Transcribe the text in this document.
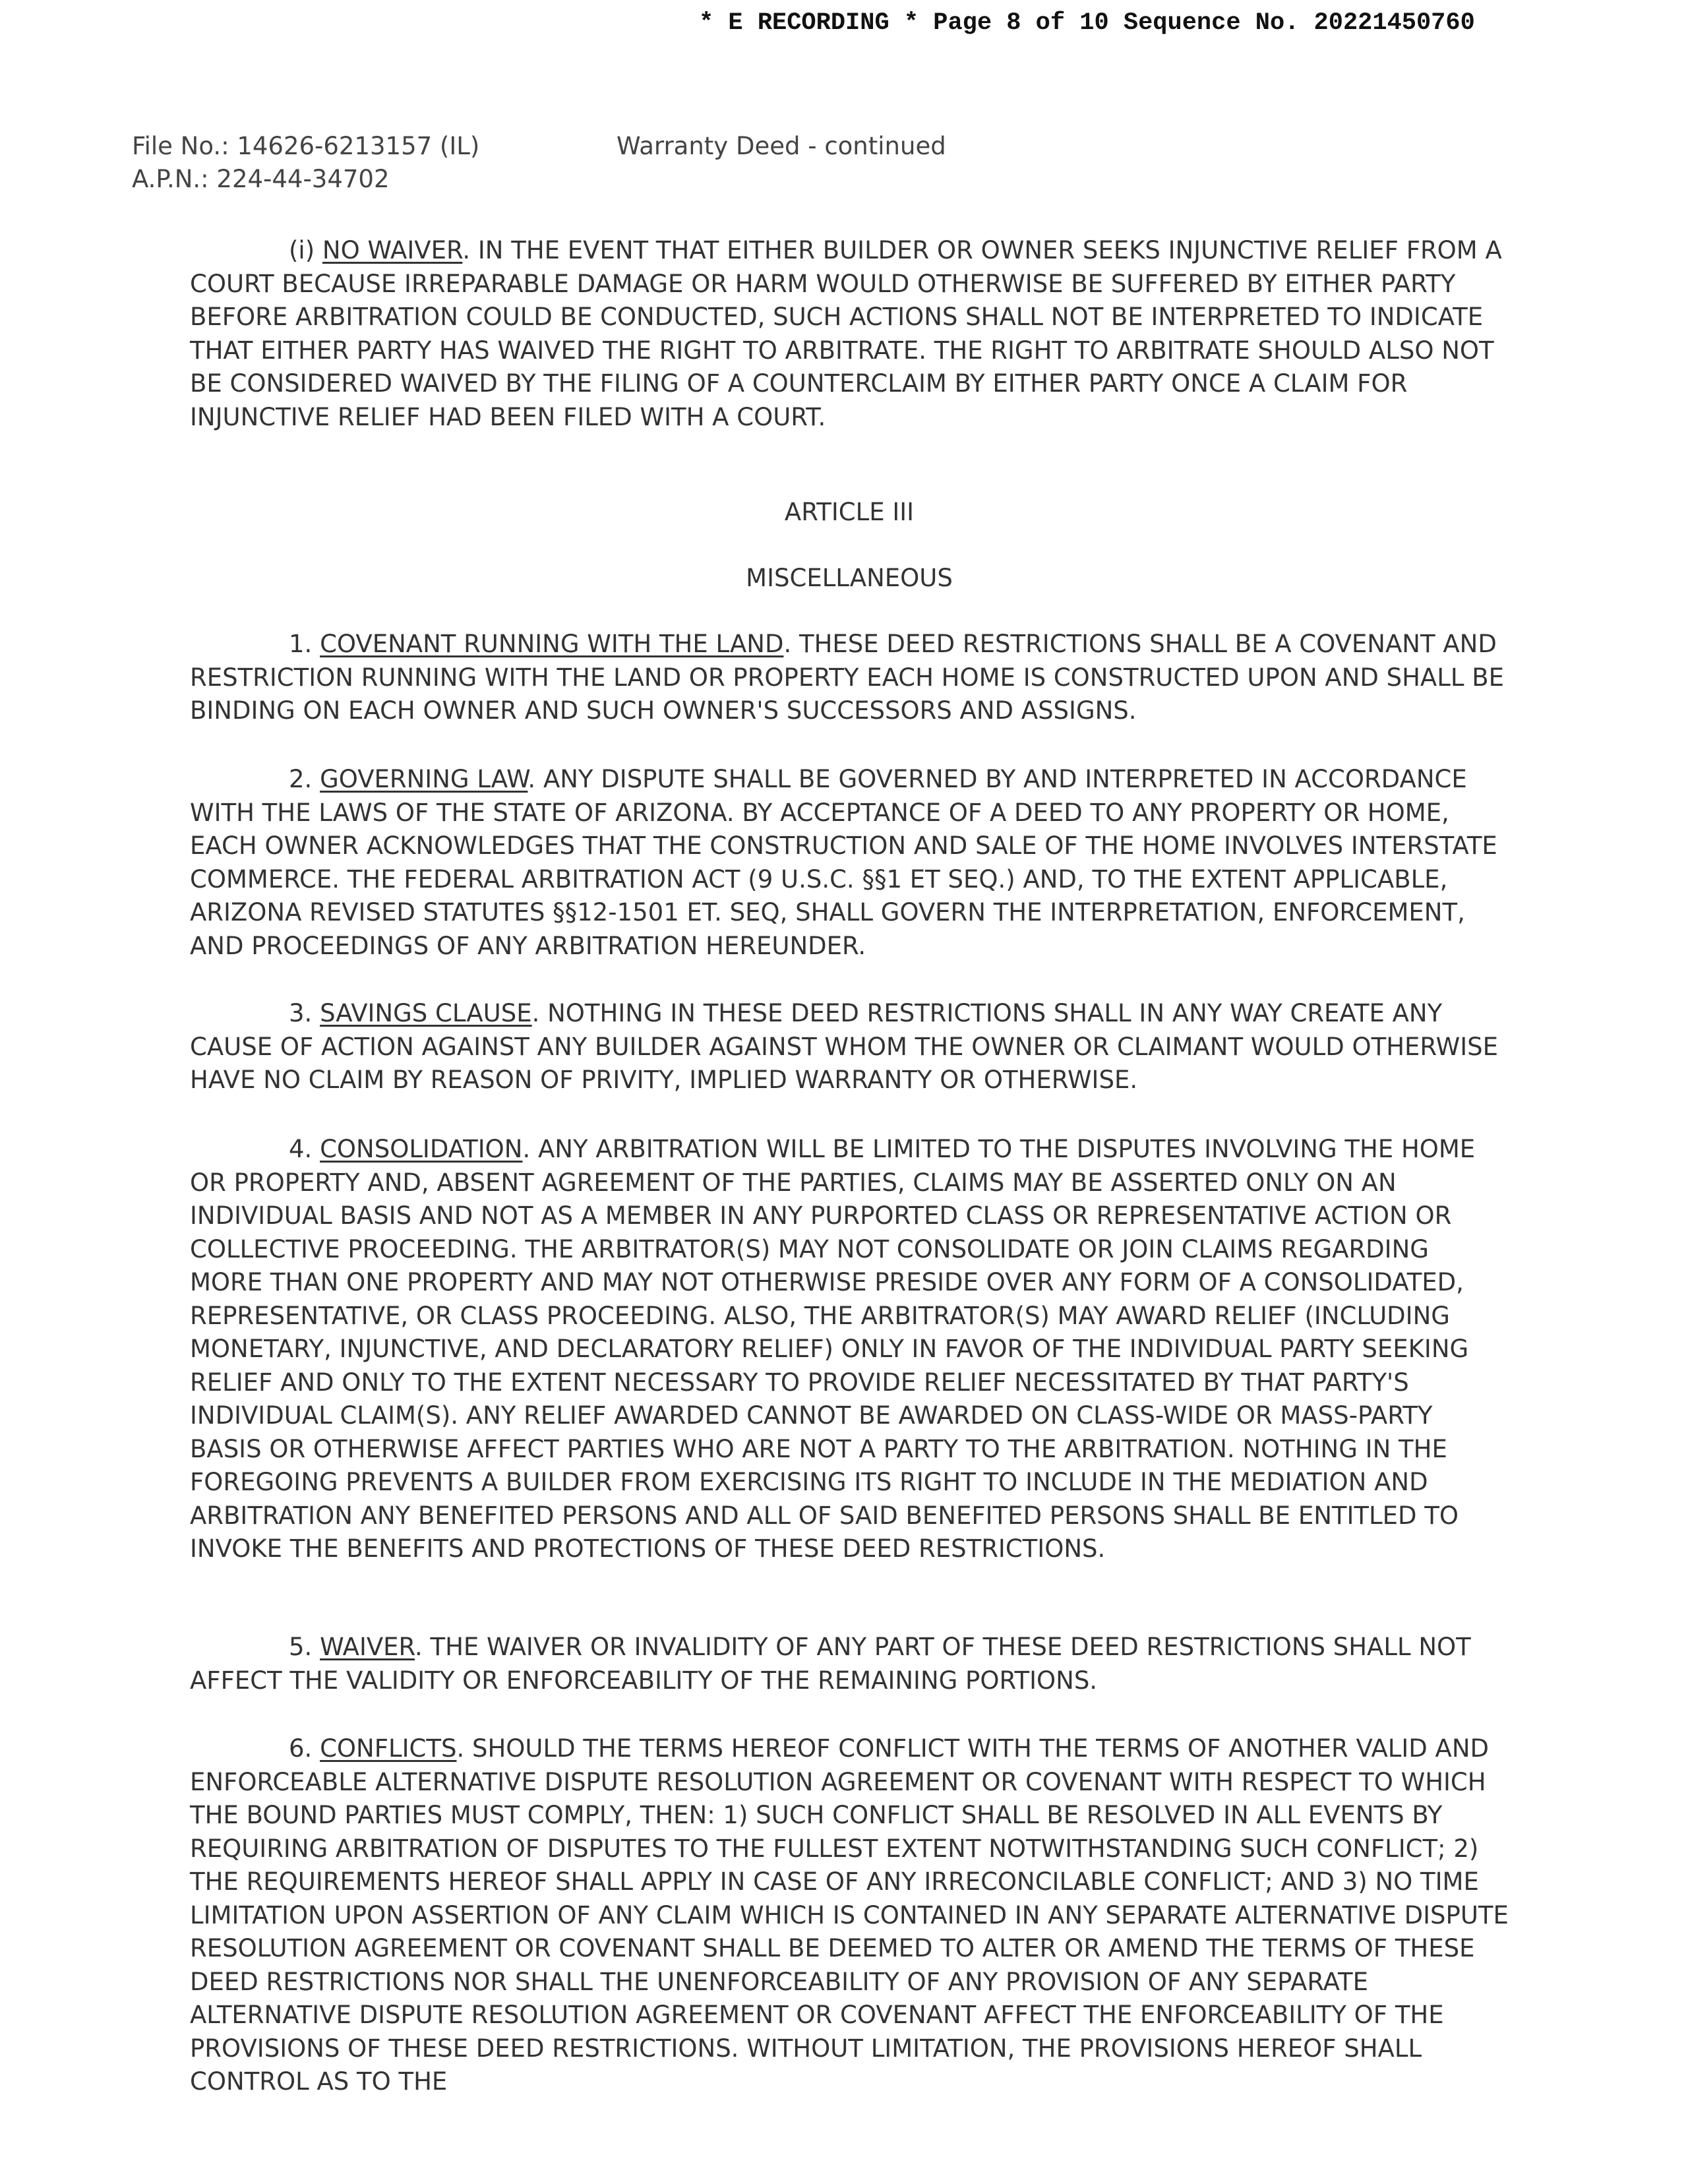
* E RECORDING * Page 8 of 10 Sequence No. 20221450760
File No.: 14626-6213157 (IL)
A.P.N.: 224-44-34702
Warranty Deed - continued

(i) NO WAIVER. IN THE EVENT THAT EITHER BUILDER OR OWNER SEEKS INJUNCTIVE RELIEF FROM A COURT BECAUSE IRREPARABLE DAMAGE OR HARM WOULD OTHERWISE BE SUFFERED BY EITHER PARTY BEFORE ARBITRATION COULD BE CONDUCTED, SUCH ACTIONS SHALL NOT BE INTERPRETED TO INDICATE THAT EITHER PARTY HAS WAIVED THE RIGHT TO ARBITRATE. THE RIGHT TO ARBITRATE SHOULD ALSO NOT BE CONSIDERED WAIVED BY THE FILING OF A COUNTERCLAIM BY EITHER PARTY ONCE A CLAIM FOR INJUNCTIVE RELIEF HAD BEEN FILED WITH A COURT.

ARTICLE III

MISCELLANEOUS

1. COVENANT RUNNING WITH THE LAND. THESE DEED RESTRICTIONS SHALL BE A COVENANT AND RESTRICTION RUNNING WITH THE LAND OR PROPERTY EACH HOME IS CONSTRUCTED UPON AND SHALL BE BINDING ON EACH OWNER AND SUCH OWNER'S SUCCESSORS AND ASSIGNS.

2. GOVERNING LAW. ANY DISPUTE SHALL BE GOVERNED BY AND INTERPRETED IN ACCORDANCE WITH THE LAWS OF THE STATE OF ARIZONA. BY ACCEPTANCE OF A DEED TO ANY PROPERTY OR HOME, EACH OWNER ACKNOWLEDGES THAT THE CONSTRUCTION AND SALE OF THE HOME INVOLVES INTERSTATE COMMERCE. THE FEDERAL ARBITRATION ACT (9 U.S.C. §§1 ET SEQ.) AND, TO THE EXTENT APPLICABLE, ARIZONA REVISED STATUTES §§12-1501 ET. SEQ, SHALL GOVERN THE INTERPRETATION, ENFORCEMENT, AND PROCEEDINGS OF ANY ARBITRATION HEREUNDER.

3. SAVINGS CLAUSE. NOTHING IN THESE DEED RESTRICTIONS SHALL IN ANY WAY CREATE ANY CAUSE OF ACTION AGAINST ANY BUILDER AGAINST WHOM THE OWNER OR CLAIMANT WOULD OTHERWISE HAVE NO CLAIM BY REASON OF PRIVITY, IMPLIED WARRANTY OR OTHERWISE.

4. CONSOLIDATION. ANY ARBITRATION WILL BE LIMITED TO THE DISPUTES INVOLVING THE HOME OR PROPERTY AND, ABSENT AGREEMENT OF THE PARTIES, CLAIMS MAY BE ASSERTED ONLY ON AN INDIVIDUAL BASIS AND NOT AS A MEMBER IN ANY PURPORTED CLASS OR REPRESENTATIVE ACTION OR COLLECTIVE PROCEEDING. THE ARBITRATOR(S) MAY NOT CONSOLIDATE OR JOIN CLAIMS REGARDING MORE THAN ONE PROPERTY AND MAY NOT OTHERWISE PRESIDE OVER ANY FORM OF A CONSOLIDATED, REPRESENTATIVE, OR CLASS PROCEEDING. ALSO, THE ARBITRATOR(S) MAY AWARD RELIEF (INCLUDING MONETARY, INJUNCTIVE, AND DECLARATORY RELIEF) ONLY IN FAVOR OF THE INDIVIDUAL PARTY SEEKING RELIEF AND ONLY TO THE EXTENT NECESSARY TO PROVIDE RELIEF NECESSITATED BY THAT PARTY'S INDIVIDUAL CLAIM(S). ANY RELIEF AWARDED CANNOT BE AWARDED ON CLASS-WIDE OR MASS-PARTY BASIS OR OTHERWISE AFFECT PARTIES WHO ARE NOT A PARTY TO THE ARBITRATION. NOTHING IN THE FOREGOING PREVENTS A BUILDER FROM EXERCISING ITS RIGHT TO INCLUDE IN THE MEDIATION AND ARBITRATION ANY BENEFITED PERSONS AND ALL OF SAID BENEFITED PERSONS SHALL BE ENTITLED TO INVOKE THE BENEFITS AND PROTECTIONS OF THESE DEED RESTRICTIONS.

5. WAIVER. THE WAIVER OR INVALIDITY OF ANY PART OF THESE DEED RESTRICTIONS SHALL NOT AFFECT THE VALIDITY OR ENFORCEABILITY OF THE REMAINING PORTIONS.

6. CONFLICTS. SHOULD THE TERMS HEREOF CONFLICT WITH THE TERMS OF ANOTHER VALID AND ENFORCEABLE ALTERNATIVE DISPUTE RESOLUTION AGREEMENT OR COVENANT WITH RESPECT TO WHICH THE BOUND PARTIES MUST COMPLY, THEN: 1) SUCH CONFLICT SHALL BE RESOLVED IN ALL EVENTS BY REQUIRING ARBITRATION OF DISPUTES TO THE FULLEST EXTENT NOTWITHSTANDING SUCH CONFLICT; 2) THE REQUIREMENTS HEREOF SHALL APPLY IN CASE OF ANY IRRECONCILABLE CONFLICT; AND 3) NO TIME LIMITATION UPON ASSERTION OF ANY CLAIM WHICH IS CONTAINED IN ANY SEPARATE ALTERNATIVE DISPUTE RESOLUTION AGREEMENT OR COVENANT SHALL BE DEEMED TO ALTER OR AMEND THE TERMS OF THESE DEED RESTRICTIONS NOR SHALL THE UNENFORCEABILITY OF ANY PROVISION OF ANY SEPARATE ALTERNATIVE DISPUTE RESOLUTION AGREEMENT OR COVENANT AFFECT THE ENFORCEABILITY OF THE PROVISIONS OF THESE DEED RESTRICTIONS. WITHOUT LIMITATION, THE PROVISIONS HEREOF SHALL CONTROL AS TO THE
